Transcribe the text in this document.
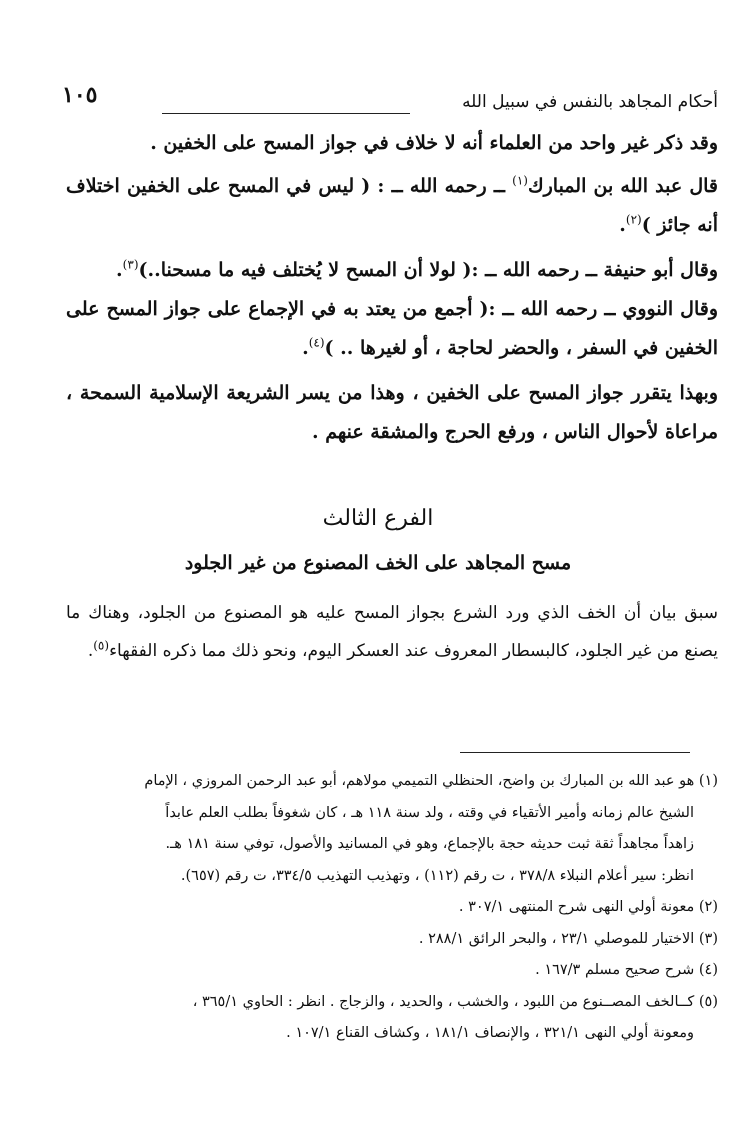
أحكام المجاهد بالنفس في سبيل الله
١٠٥

وقد ذكر غير واحد من العلماء أنه لا خلاف في جواز المسح على الخفين .

قال عبد الله بن المبارك$^{(١)}$ ــ رحمه الله ــ : ( ليس في المسح على الخفين اختلاف أنه جائز )$^{(٢)}$.

وقال أبو حنيفة ــ رحمه الله ــ :( لولا أن المسح لا يُختلف فيه ما مسحنا..)$^{(٣)}$.

وقال النووي ــ رحمه الله ــ :( أجمع من يعتد به في الإجماع على جواز المسح على الخفين في السفر ، والحضر لحاجة ، أو لغيرها .. )$^{(٤)}$.

وبهذا يتقرر جواز المسح على الخفين ، وهذا من يسر الشريعة الإسلامية السمحة ، مراعاة لأحوال الناس ، ورفع الحرج والمشقة عنهم .

الفرع الثالث
مسح المجاهد على الخف المصنوع من غير الجلود

سبق بيان أن الخف الذي ورد الشرع بجواز المسح عليه هو المصنوع من الجلود، وهناك ما يصنع من غير الجلود، كالبسطار المعروف عند العسكر اليوم، ونحو ذلك مما ذكره الفقهاء$^{(٥)}$.

(١) هو عبد الله بن المبارك بن واضح، الحنظلي التميمي مولاهم، أبو عبد الرحمن المروزي ، الإمام

الشيخ عالم زمانه وأمير الأتقياء في وقته ، ولد سنة ١١٨ هـ ، كان شغوفاً بطلب العلم عابداً

زاهداً مجاهداً ثقة ثبت حديثه حجة بالإجماع، وهو في المسانيد والأصول، توفي سنة ١٨١ هـ.

انظر: سير أعلام النبلاء ٣٧٨/٨ ، ت رقم (١١٢) ، وتهذيب التهذيب ٣٣٤/٥، ت رقم (٦٥٧).

(٢) معونة أولي النهى شرح المنتهى ٣٠٧/١ .

(٣) الاختيار للموصلي ٢٣/١ ، والبحر الرائق ٢٨٨/١ .

(٤) شرح صحيح مسلم ١٦٧/٣ .

(٥) كــالخف المصــنوع من اللبود ، والخشب ، والحديد ، والزجاج . انظر : الحاوي ٣٦٥/١ ،

ومعونة أولي النهى ٣٢١/١ ، والإنصاف ١٨١/١ ، وكشاف القناع ١٠٧/١ .
